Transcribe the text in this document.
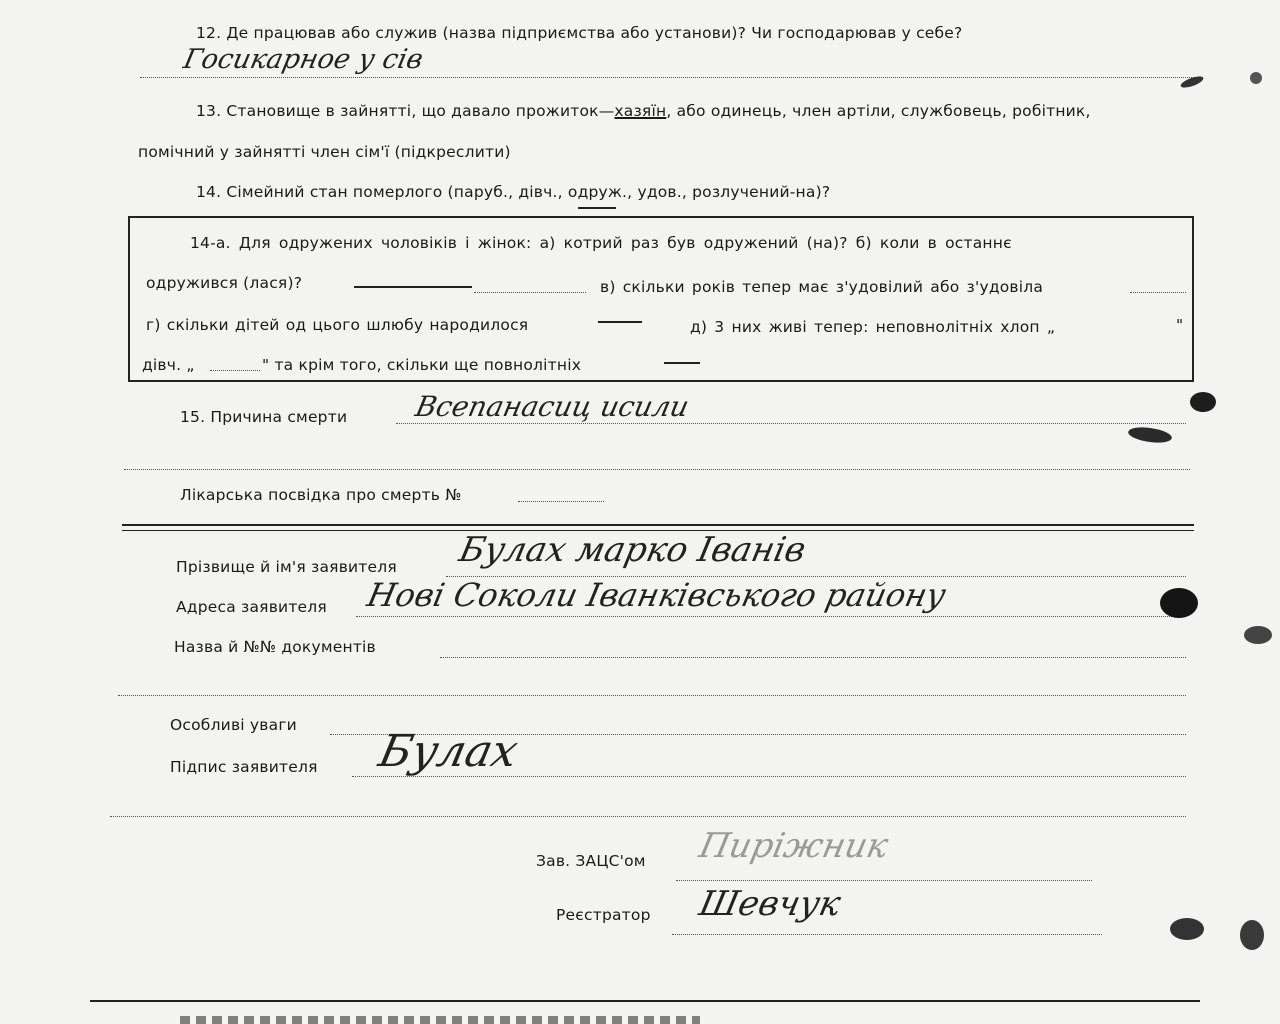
12. Де працював або служив (назва підприємства або установи)? Чи господарював у себе?
Госикарное у сів
13. Становище в зайнятті, що давало прожиток—хазяїн, або одинець, член артіли, службовець, робітник,
помічний у зайнятті член сім'ї (підкреслити)
14. Сімейний стан померлого (паруб., дівч., одруж., удов., розлучений-на)?
14-а. Для одружених чоловіків і жінок: а) котрий раз був одружений (на)? б) коли в останнє
одружився (лася)?	в) скільки років тепер має з'удовілий або з'удовіла
г) скільки дітей од цього шлюбу народилося	д) 3 них живі тепер: неповнолітніх хлоп „	"
дівч. „	" та крім того, скільки ще повнолітніх
15. Причина смерти Всепанасиц исили
Лікарська посвідка про смерть №
Прізвище й ім'я заявителя Булах марко Іванів
Адреса заявителя Нові Соколи Іванківського району
Назва й №№ документів
Особливі уваги
Підпис заявителя Булах
Зав. ЗАЦС'ом Пиріжник
Реєстратор Шевчук
